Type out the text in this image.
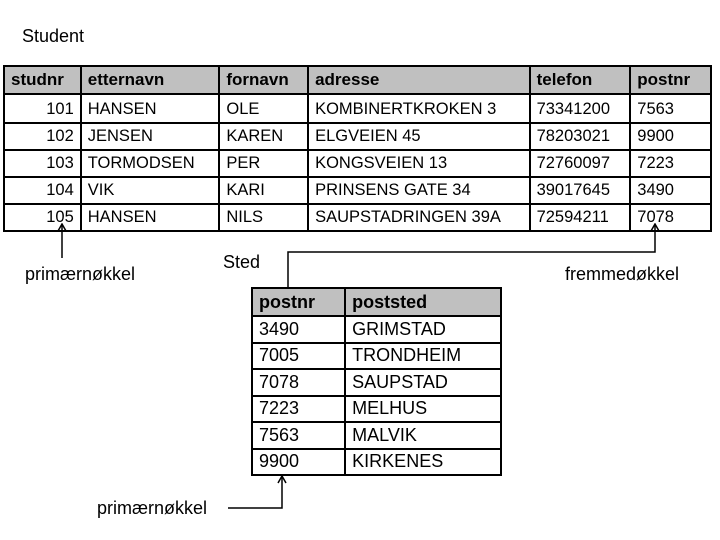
Student
studnr	etternavn	fornavn	adresse	telefon	postnr
101	HANSEN	OLE	KOMBINERTKROKEN 3	73341200	7563
102	JENSEN	KAREN	ELGVEIEN 45	78203021	9900
103	TORMODSEN	PER	KONGSVEIEN 13	72760097	7223
104	VIK	KARI	PRINSENS GATE 34	39017645	3490
105	HANSEN	NILS	SAUPSTADRINGEN 39A	72594211	7078
Sted
postnr	poststed
3490	GRIMSTAD
7005	TRONDHEIM
7078	SAUPSTAD
7223	MELHUS
7563	MALVIK
9900	KIRKENES
primærnøkkel	fremmedøkkel
primærnøkkel
